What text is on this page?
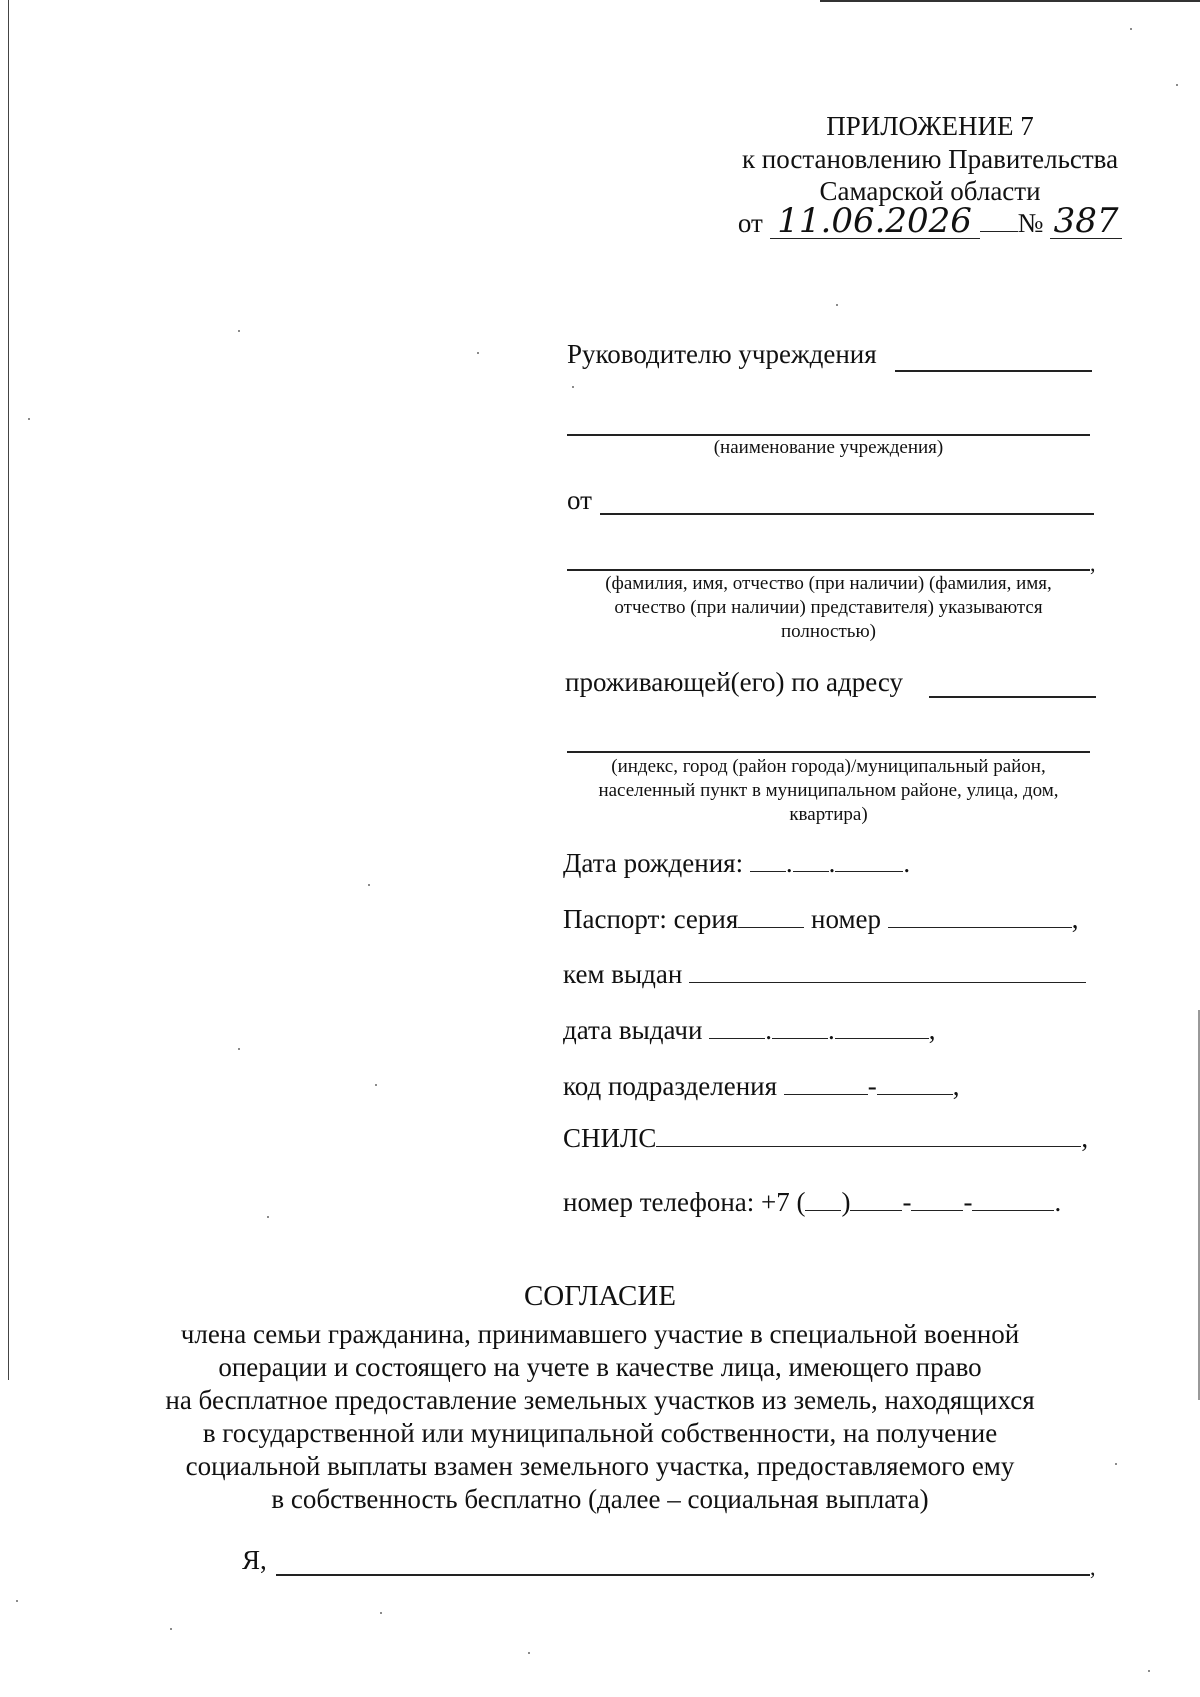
ПРИЛОЖЕНИЕ 7
к постановлению Правительства
Самарской области
от 11.06.2026 № 387
Руководителю учреждения
(наименование учреждения)
от
,
(фамилия, имя, отчество (при наличии) (фамилия, имя,
отчество (при наличии) представителя) указываются
полностью)
проживающей(его) по адресу
(индекс, город (район города)/муниципальный район,
населенный пункт в муниципальном районе, улица, дом,
квартира)
Дата рождения: . .	.
Паспорт: серия	номер	,
кем выдан
дата выдачи . .	,
код подразделения	-	,
СНИЛС	,
номер телефона: +7 ( ) - -	.
СОГЛАСИЕ
члена семьи гражданина, принимавшего участие в специальной военной
операции и состоящего на учете в качестве лица, имеющего право
на бесплатное предоставление земельных участков из земель, находящихся
в государственной или муниципальной собственности, на получение
социальной выплаты взамен земельного участка, предоставляемого ему
в собственность бесплатно (далее – социальная выплата)
Я,	,
